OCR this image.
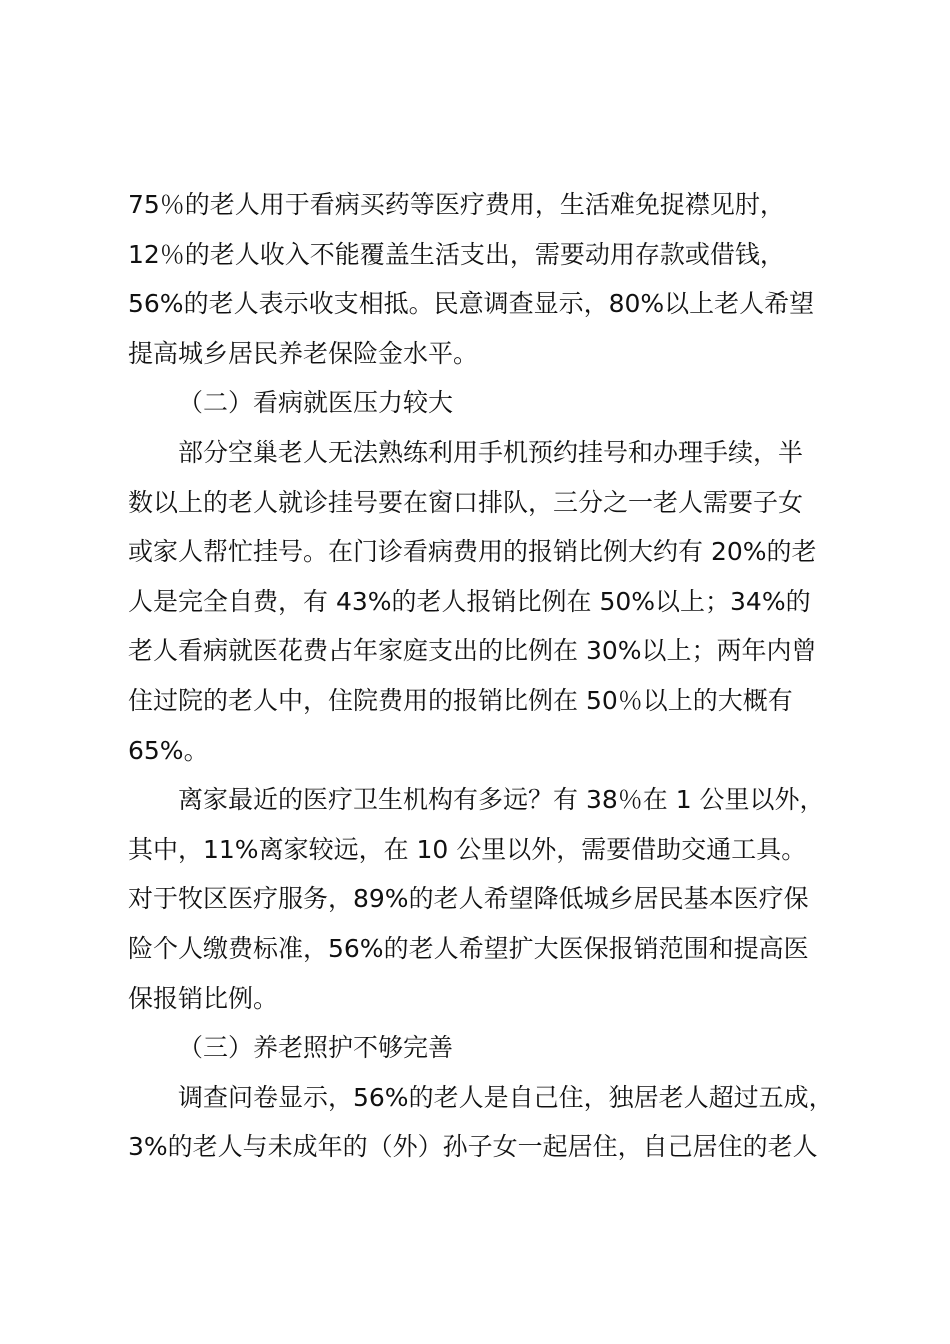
75％的老人用于看病买药等医疗费用，生活难免捉襟见肘，
12％的老人收入不能覆盖生活支出，需要动用存款或借钱，
56%的老人表示收支相抵。民意调查显示，80%以上老人希望
提高城乡居民养老保险金水平。
（二）看病就医压力较大
部分空巢老人无法熟练利用手机预约挂号和办理手续，半
数以上的老人就诊挂号要在窗口排队，三分之一老人需要子女
或家人帮忙挂号。在门诊看病费用的报销比例大约有 20%的老
人是完全自费，有 43%的老人报销比例在 50%以上；34%的
老人看病就医花费占年家庭支出的比例在 30%以上；两年内曾
住过院的老人中，住院费用的报销比例在 50％以上的大概有
65%。
离家最近的医疗卫生机构有多远？有 38％在 1 公里以外，
其中，11%离家较远，在 10 公里以外，需要借助交通工具。
对于牧区医疗服务，89%的老人希望降低城乡居民基本医疗保
险个人缴费标准，56%的老人希望扩大医保报销范围和提高医
保报销比例。
（三）养老照护不够完善
调查问卷显示，56%的老人是自己住，独居老人超过五成，
3%的老人与未成年的（外）孙子女一起居住，自己居住的老人
